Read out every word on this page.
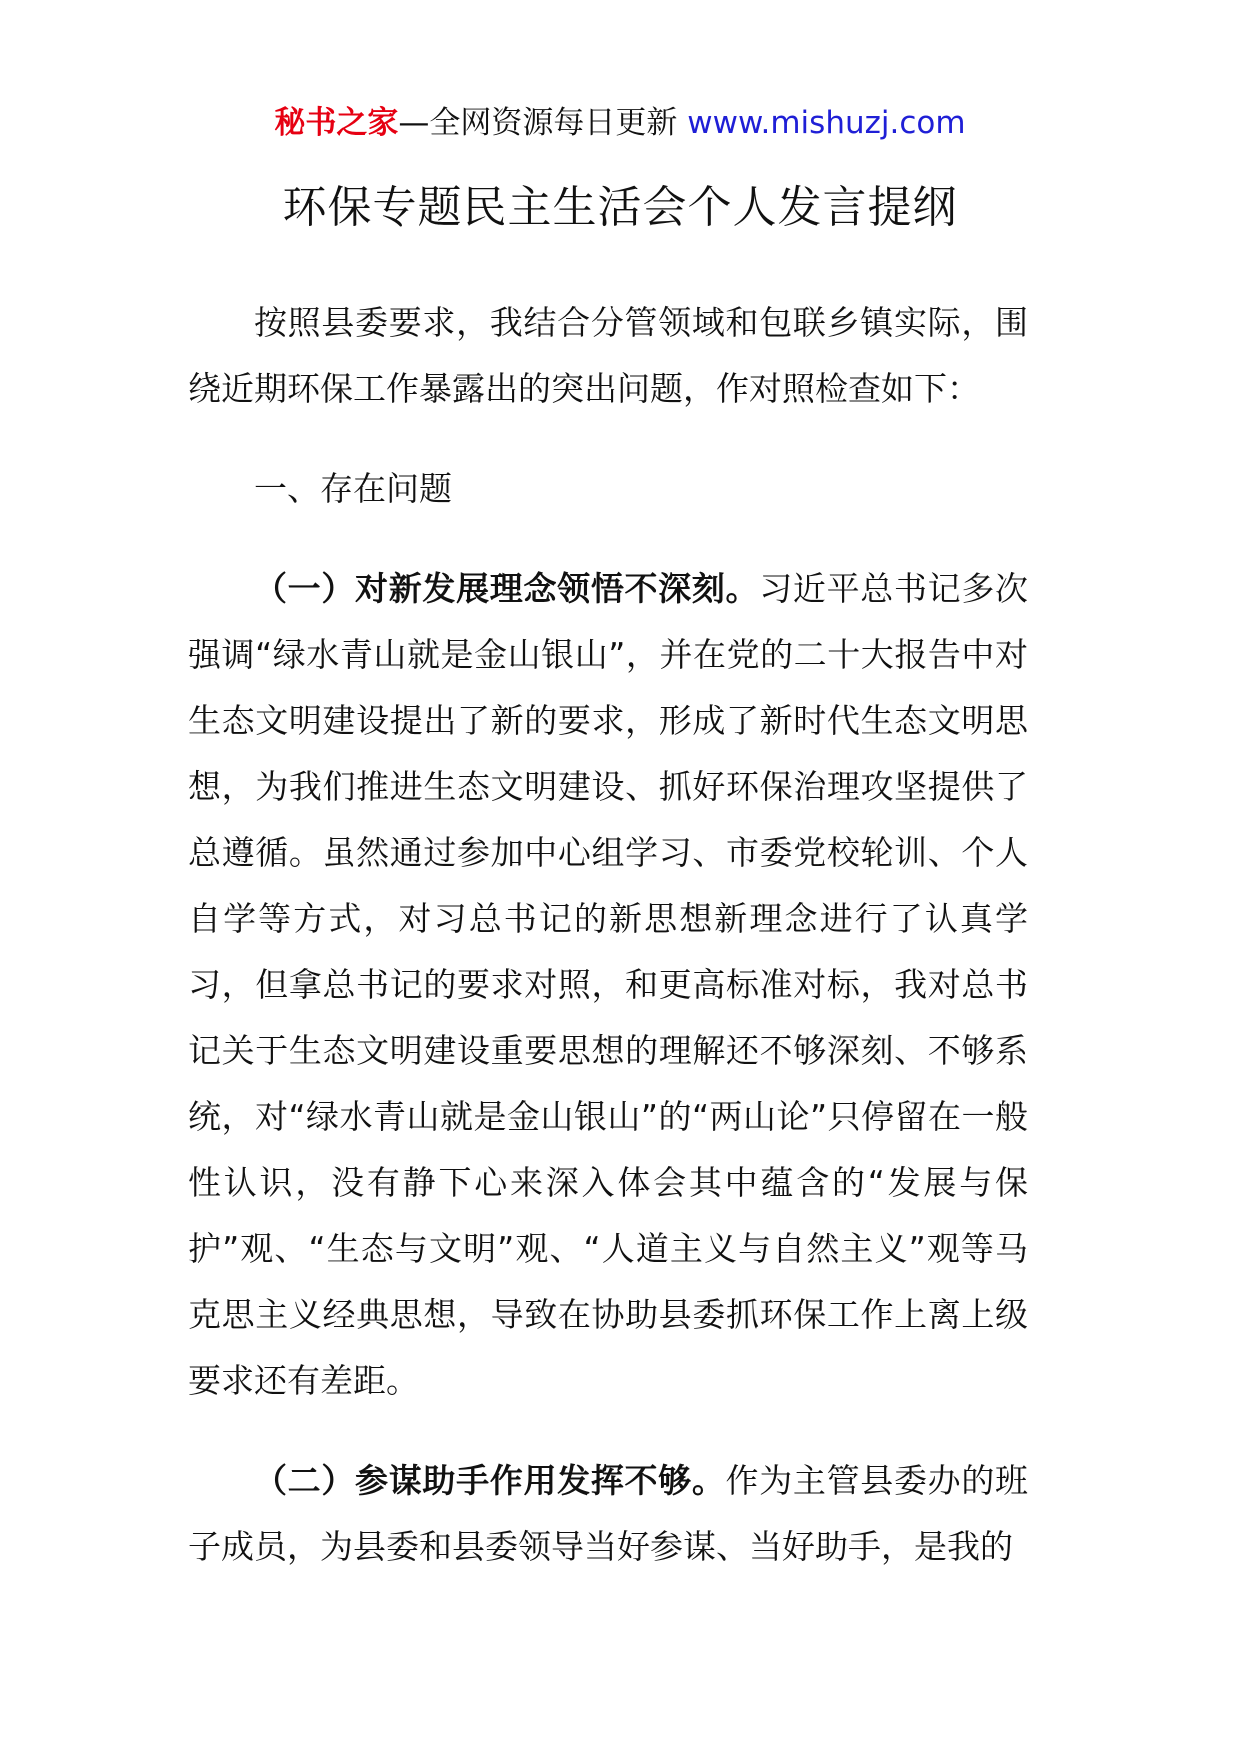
秘书之家—全网资源每日更新 www.mishuzj.com
环保专题民主生活会个人发言提纲

按照县委要求，我结合分管领域和包联乡镇实际，围绕近期环保工作暴露出的突出问题，作对照检查如下：

一、存在问题

（一）对新发展理念领悟不深刻。习近平总书记多次强调“绿水青山就是金山银山”，并在党的二十大报告中对生态文明建设提出了新的要求，形成了新时代生态文明思想，为我们推进生态文明建设、抓好环保治理攻坚提供了总遵循。虽然通过参加中心组学习、市委党校轮训、个人自学等方式，对习总书记的新思想新理念进行了认真学习，但拿总书记的要求对照，和更高标准对标，我对总书记关于生态文明建设重要思想的理解还不够深刻、不够系统，对“绿水青山就是金山银山”的“两山论”只停留在一般性认识，没有静下心来深入体会其中蕴含的“发展与保护”观、“生态与文明”观、“人道主义与自然主义”观等马克思主义经典思想，导致在协助县委抓环保工作上离上级要求还有差距。

（二）参谋助手作用发挥不够。作为主管县委办的班子成员，为县委和县委领导当好参谋、当好助手，是我的
